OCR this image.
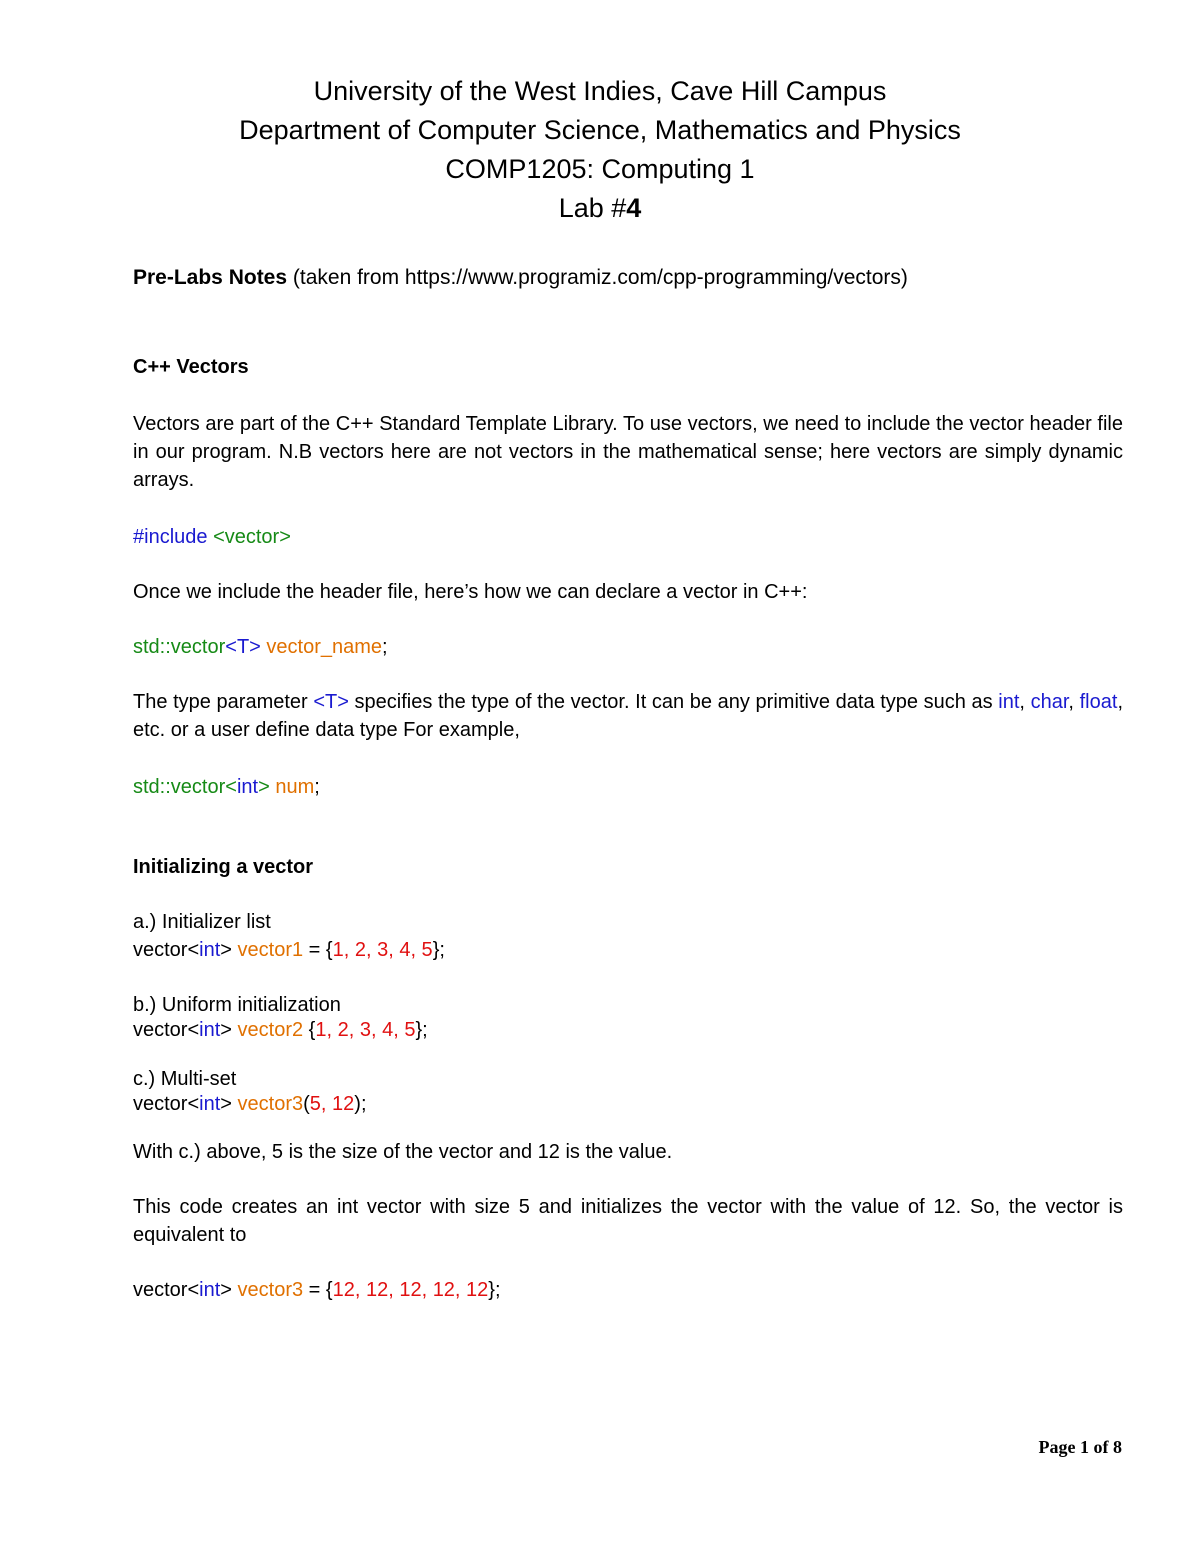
University of the West Indies, Cave Hill Campus
Department of Computer Science, Mathematics and Physics
COMP1205: Computing 1
Lab #4
Pre-Labs Notes (taken from https://www.programiz.com/cpp-programming/vectors)
C++ Vectors
Vectors are part of the C++ Standard Template Library. To use vectors, we need to include the vector header file in our program. N.B vectors here are not vectors in the mathematical sense; here vectors are simply dynamic arrays.
#include <vector>
Once we include the header file, here’s how we can declare a vector in C++:
std::vector<T> vector_name;
The type parameter <T> specifies the type of the vector. It can be any primitive data type such as int, char, float, etc. or a user define data type For example,
std::vector<int> num;
Initializing a vector
a.) Initializer list
vector<int> vector1 = {1, 2, 3, 4, 5};
b.) Uniform initialization
vector<int> vector2 {1, 2, 3, 4, 5};
c.) Multi-set
vector<int> vector3(5, 12);
With c.) above, 5 is the size of the vector and 12 is the value.
This code creates an int vector with size 5 and initializes the vector with the value of 12. So, the vector is equivalent to
vector<int> vector3 = {12, 12, 12, 12, 12};
Page 1 of 8
